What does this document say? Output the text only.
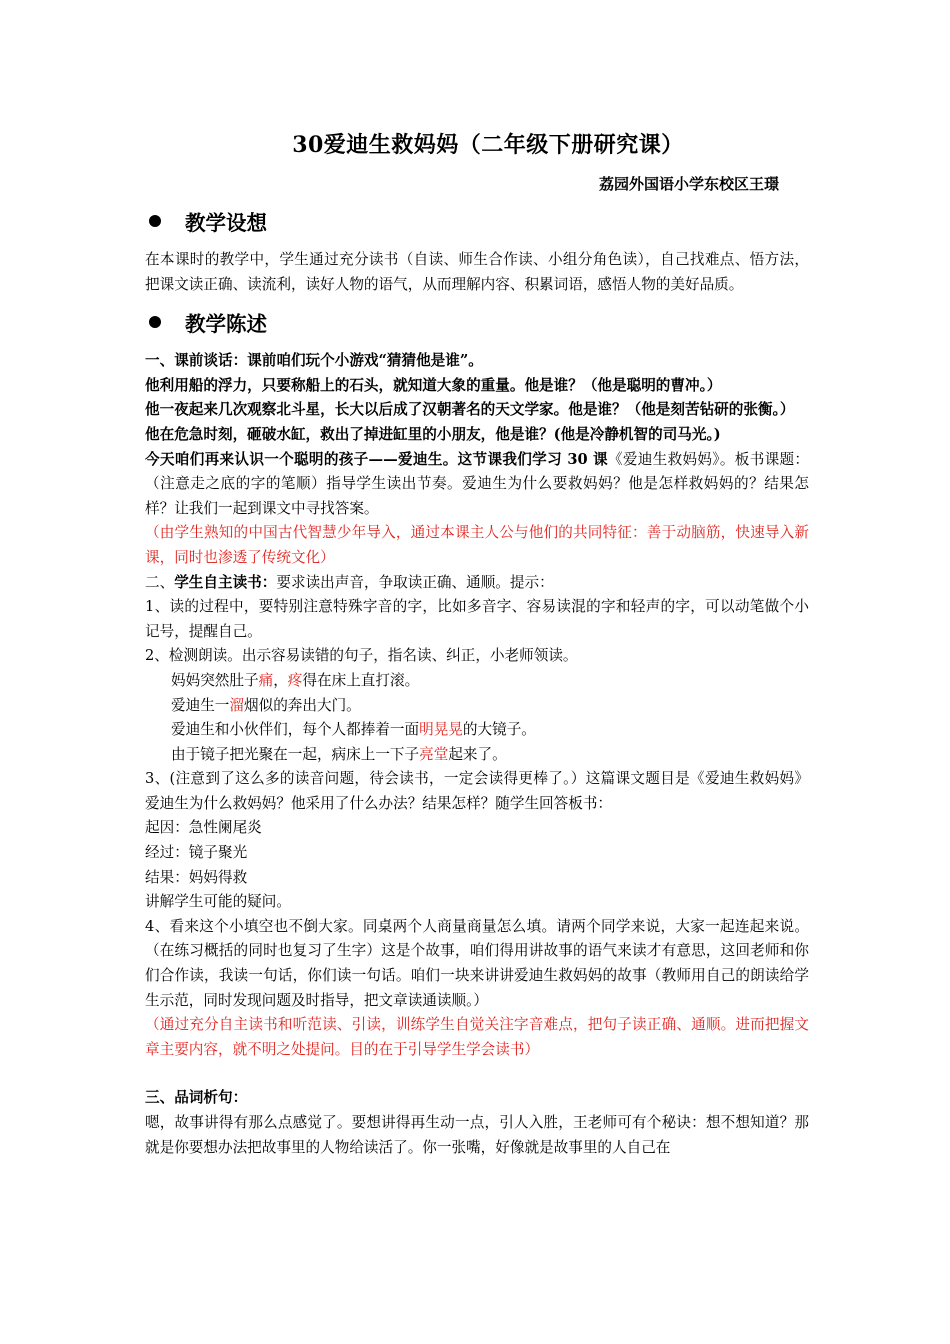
30爱迪生救妈妈（二年级下册研究课）
荔园外国语小学东校区王璟
教学设想

在本课时的教学中，学生通过充分读书（自读、师生合作读、小组分角色读），自己找难点、悟方法，把课文读正确、读流利，读好人物的语气，从而理解内容、积累词语，感悟人物的美好品质。

教学陈述

一、课前谈话：课前咱们玩个小游戏“猜猜他是谁”。

他利用船的浮力，只要称船上的石头，就知道大象的重量。他是谁？（他是聪明的曹冲。）

他一夜起来几次观察北斗星，长大以后成了汉朝著名的天文学家。他是谁？（他是刻苦钻研的张衡。）

他在危急时刻，砸破水缸，救出了掉进缸里的小朋友，他是谁？(他是冷静机智的司马光。)

今天咱们再来认识一个聪明的孩子——爱迪生。这节课我们学习 30 课《爱迪生救妈妈》。板书课题：（注意走之底的字的笔顺）指导学生读出节奏。爱迪生为什么要救妈妈？他是怎样救妈妈的？结果怎样？让我们一起到课文中寻找答案。

（由学生熟知的中国古代智慧少年导入，通过本课主人公与他们的共同特征：善于动脑筋，快速导入新课，同时也渗透了传统文化）

二、学生自主读书：要求读出声音，争取读正确、通顺。提示：

1、读的过程中，要特别注意特殊字音的字，比如多音字、容易读混的字和轻声的字，可以动笔做个小记号，提醒自己。

2、检测朗读。出示容易读错的句子，指名读、纠正，小老师领读。

妈妈突然肚子痛，疼得在床上直打滚。

爱迪生一溜烟似的奔出大门。

爱迪生和小伙伴们，每个人都捧着一面明晃晃的大镜子。

由于镜子把光聚在一起，病床上一下子亮堂起来了。

3、(注意到了这么多的读音问题，待会读书，一定会读得更棒了。）这篇课文题目是《爱迪生救妈妈》爱迪生为什么救妈妈？他采用了什么办法？结果怎样？随学生回答板书：

起因：急性阑尾炎

经过：镜子聚光

结果：妈妈得救

讲解学生可能的疑问。

4、看来这个小填空也不倒大家。同桌两个人商量商量怎么填。请两个同学来说，大家一起连起来说。（在练习概括的同时也复习了生字）这是个故事，咱们得用讲故事的语气来读才有意思，这回老师和你们合作读，我读一句话，你们读一句话。咱们一块来讲讲爱迪生救妈妈的故事（教师用自己的朗读给学生示范，同时发现问题及时指导，把文章读通读顺。）

（通过充分自主读书和听范读、引读，训练学生自觉关注字音难点，把句子读正确、通顺。进而把握文章主要内容，就不明之处提问。目的在于引导学生学会读书）

三、品词析句：

嗯，故事讲得有那么点感觉了。要想讲得再生动一点，引人入胜，王老师可有个秘诀：想不想知道？那就是你要想办法把故事里的人物给读活了。你一张嘴，好像就是故事里的人自己在
